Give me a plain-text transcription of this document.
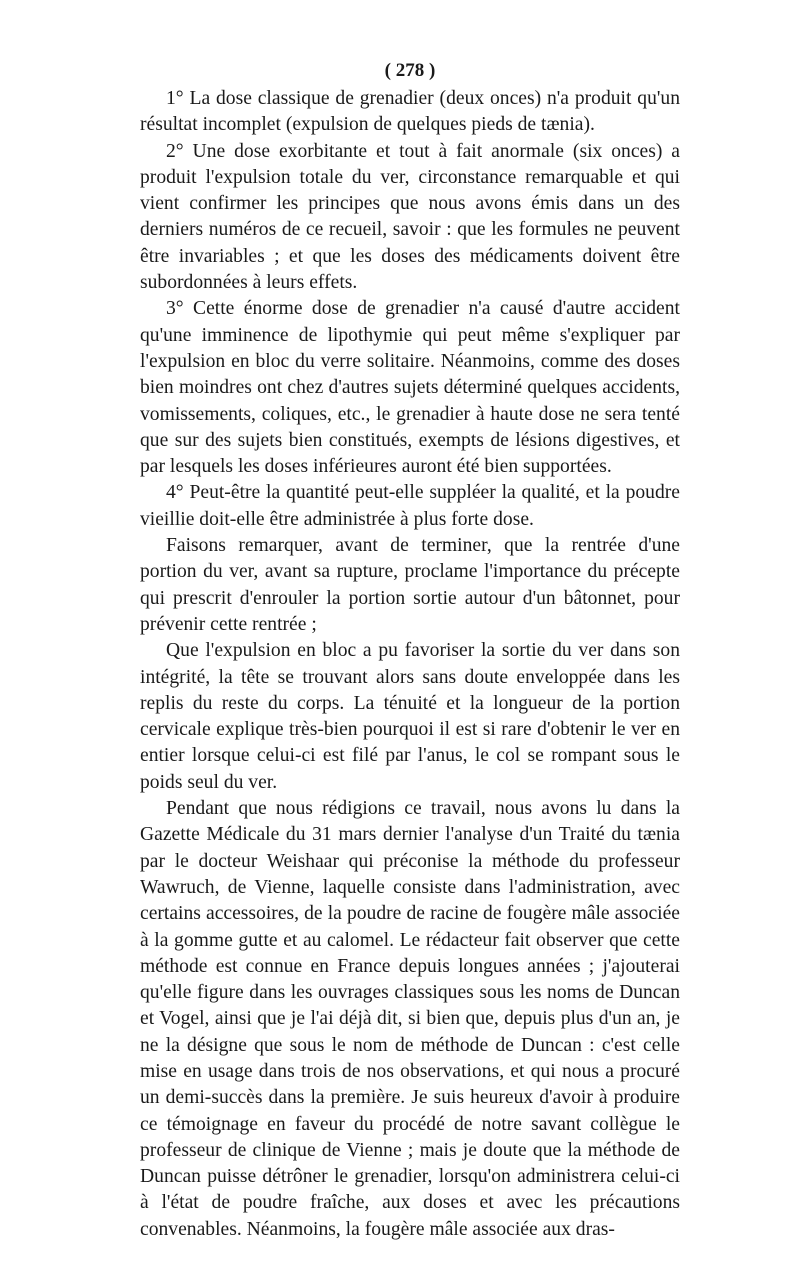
( 278 )

1° La dose classique de grenadier (deux onces) n'a produit qu'un résultat incomplet (expulsion de quelques pieds de tænia).

2° Une dose exorbitante et tout à fait anormale (six onces) a produit l'expulsion totale du ver, circonstance remarquable et qui vient confirmer les principes que nous avons émis dans un des derniers numéros de ce recueil, savoir : que les formules ne peuvent être invariables ; et que les doses des médicaments doivent être subordonnées à leurs effets.

3° Cette énorme dose de grenadier n'a causé d'autre accident qu'une imminence de lipothymie qui peut même s'expliquer par l'expulsion en bloc du verre solitaire. Néanmoins, comme des doses bien moindres ont chez d'autres sujets déterminé quelques accidents, vomissements, coliques, etc., le grenadier à haute dose ne sera tenté que sur des sujets bien constitués, exempts de lésions digestives, et par lesquels les doses inférieures auront été bien supportées.

4° Peut-être la quantité peut-elle suppléer la qualité, et la poudre vieillie doit-elle être administrée à plus forte dose.

Faisons remarquer, avant de terminer, que la rentrée d'une portion du ver, avant sa rupture, proclame l'importance du précepte qui prescrit d'enrouler la portion sortie autour d'un bâtonnet, pour prévenir cette rentrée ;

Que l'expulsion en bloc a pu favoriser la sortie du ver dans son intégrité, la tête se trouvant alors sans doute enveloppée dans les replis du reste du corps. La ténuité et la longueur de la portion cervicale explique très-bien pourquoi il est si rare d'obtenir le ver en entier lorsque celui-ci est filé par l'anus, le col se rompant sous le poids seul du ver.

Pendant que nous rédigions ce travail, nous avons lu dans la Gazette Médicale du 31 mars dernier l'analyse d'un Traité du tænia par le docteur Weishaar qui préconise la méthode du professeur Wawruch, de Vienne, laquelle consiste dans l'administration, avec certains accessoires, de la poudre de racine de fougère mâle associée à la gomme gutte et au calomel. Le rédacteur fait observer que cette méthode est connue en France depuis longues années ; j'ajouterai qu'elle figure dans les ouvrages classiques sous les noms de Duncan et Vogel, ainsi que je l'ai déjà dit, si bien que, depuis plus d'un an, je ne la désigne que sous le nom de méthode de Duncan : c'est celle mise en usage dans trois de nos observations, et qui nous a procuré un demi-succès dans la première. Je suis heureux d'avoir à produire ce témoignage en faveur du procédé de notre savant collègue le professeur de clinique de Vienne ; mais je doute que la méthode de Duncan puisse détrôner le grenadier, lorsqu'on administrera celui-ci à l'état de poudre fraîche, aux doses et avec les précautions convenables. Néanmoins, la fougère mâle associée aux dras-
